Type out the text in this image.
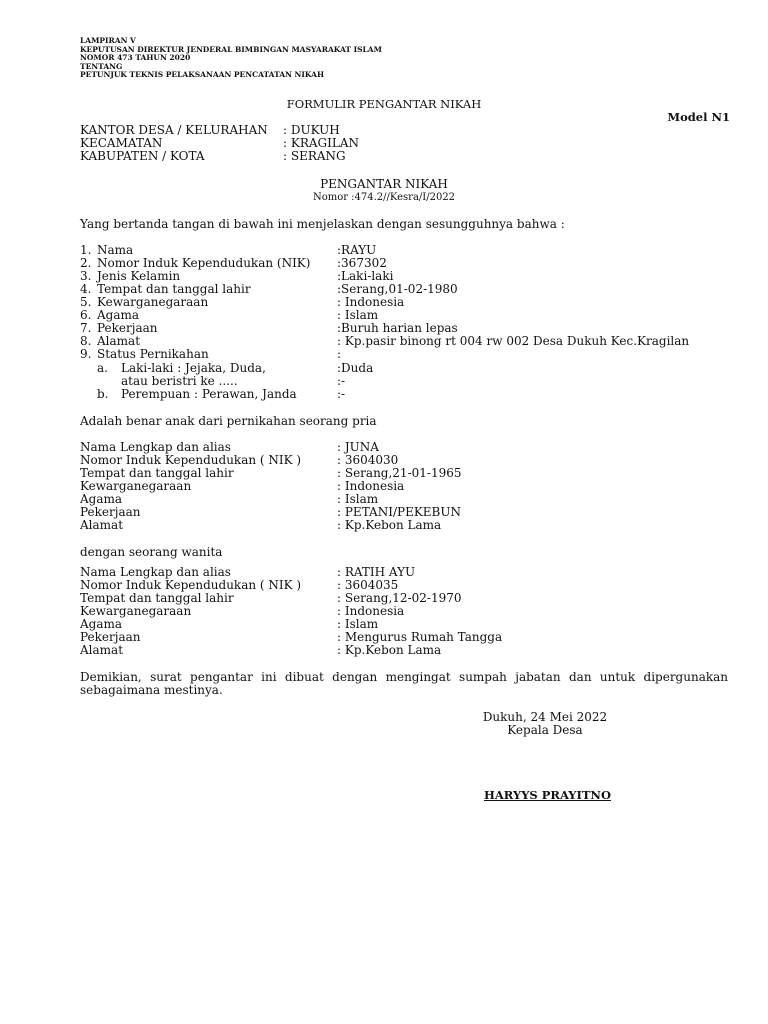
LAMPIRAN V
KEPUTUSAN DIREKTUR JENDERAL BIMBINGAN MASYARAKAT ISLAM
NOMOR 473 TAHUN 2020
TENTANG
PETUNJUK TEKNIS PELAKSANAAN PENCATATAN NIKAH
FORMULIR PENGANTAR NIKAH
Model N1
KANTOR DESA / KELURAHAN : DUKUH
KECAMATAN	: KRAGILAN
KABUPATEN / KOTA	: SERANG
PENGANTAR NIKAH
Nomor :474.2//Kesra/I/2022
Yang bertanda tangan di bawah ini menjelaskan dengan sesungguhnya bahwa :
1. Nama	:RAYU
2. Nomor Induk Kependudukan (NIK) :367302
3. Jenis Kelamin	:Laki-laki
4. Tempat dan tanggal lahir	:Serang,01-02-1980
5. Kewarganegaraan	: Indonesia
6. Agama	: Islam
7. Pekerjaan	:Buruh harian lepas
8. Alamat	: Kp.pasir binong rt 004 rw 002 Desa Dukuh Kec.Kragilan
9. Status Pernikahan	:
a. Laki-laki : Jejaka, Duda,	:Duda
atau beristri ke .....	:-
b. Perempuan : Perawan, Janda	:-
Adalah benar anak dari pernikahan seorang pria
Nama Lengkap dan alias	: JUNA
Nomor Induk Kependudukan ( NIK )	: 3604030
Tempat dan tanggal lahir	: Serang,21-01-1965
Kewarganegaraan	: Indonesia
Agama	: Islam
Pekerjaan	: PETANI/PEKEBUN
Alamat	: Kp.Kebon Lama
dengan seorang wanita
Nama Lengkap dan alias	: RATIH AYU
Nomor Induk Kependudukan ( NIK )	: 3604035
Tempat dan tanggal lahir	: Serang,12-02-1970
Kewarganegaraan	: Indonesia
Agama	: Islam
Pekerjaan	: Mengurus Rumah Tangga
Alamat	: Kp.Kebon Lama
Demikian, surat pengantar ini dibuat dengan mengingat sumpah jabatan dan untuk dipergunakan sebagaimana mestinya.
Dukuh, 24 Mei 2022
Kepala Desa
HARYYS PRAYITNO
